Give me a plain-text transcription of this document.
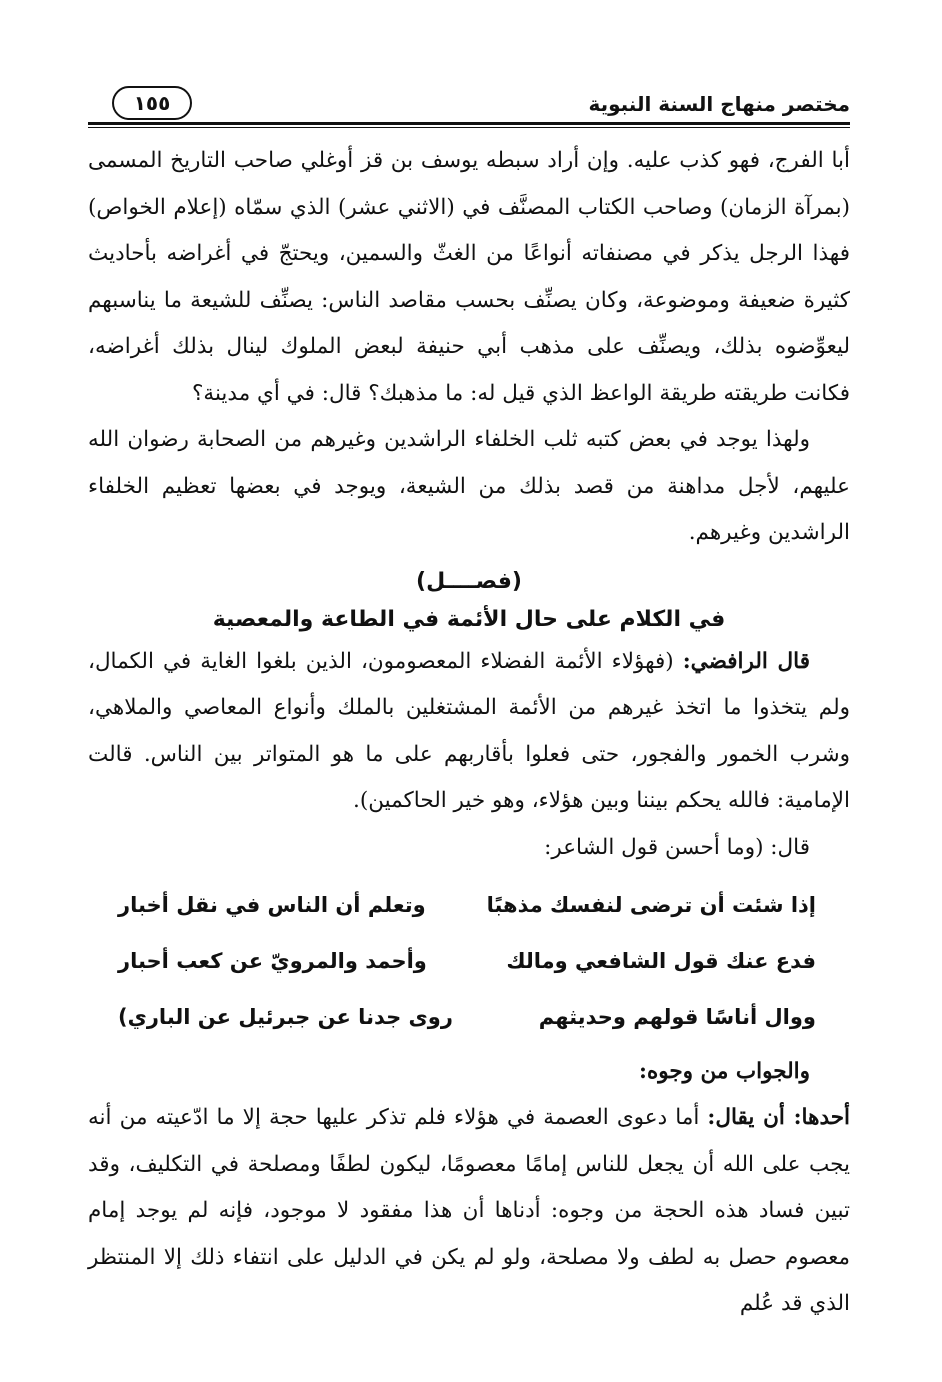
مختصر منهاج السنة النبوية
١٥٥

أبا الفرج، فهو كذب عليه. وإن أراد سبطه يوسف بن قز أوغلي صاحب التاريخ المسمى (بمرآة الزمان) وصاحب الكتاب المصنَّف في (الاثني عشر) الذي سمّاه (إعلام الخواص) فهذا الرجل يذكر في مصنفاته أنواعًا من الغثّ والسمين، ويحتجّ في أغراضه بأحاديث كثيرة ضعيفة وموضوعة، وكان يصنِّف بحسب مقاصد الناس: يصنِّف للشيعة ما يناسبهم ليعوِّضوه بذلك، ويصنِّف على مذهب أبي حنيفة لبعض الملوك لينال بذلك أغراضه، فكانت طريقته طريقة الواعظ الذي قيل له: ما مذهبك؟ قال: في أي مدينة؟

ولهذا يوجد في بعض كتبه ثلب الخلفاء الراشدين وغيرهم من الصحابة رضوان الله عليهم، لأجل مداهنة من قصد بذلك من الشيعة، ويوجد في بعضها تعظيم الخلفاء الراشدين وغيرهم.

(فصــــل)
في الكلام على حال الأئمة في الطاعة والمعصية

قال الرافضي: (فهؤلاء الأئمة الفضلاء المعصومون، الذين بلغوا الغاية في الكمال، ولم يتخذوا ما اتخذ غيرهم من الأئمة المشتغلين بالملك وأنواع المعاصي والملاهي، وشرب الخمور والفجور، حتى فعلوا بأقاربهم على ما هو المتواتر بين الناس. قالت الإمامية: فالله يحكم بيننا وبين هؤلاء، وهو خير الحاكمين).

قال: (وما أحسن قول الشاعر:

إذا شئت أن ترضى لنفسك مذهبًا
وتعلم أن الناس في نقل أخبار
فدع عنك قول الشافعي ومالك
وأحمد والمرويّ عن كعب أحبار
ووال أناسًا قولهم وحديثهم
روى جدنا عن جبرئيل عن الباري)
والجواب من وجوه:

أحدها: أن يقال: أما دعوى العصمة في هؤلاء فلم تذكر عليها حجة إلا ما ادّعيته من أنه يجب على الله أن يجعل للناس إمامًا معصومًا، ليكون لطفًا ومصلحة في التكليف، وقد تبين فساد هذه الحجة من وجوه: أدناها أن هذا مفقود لا موجود، فإنه لم يوجد إمام معصوم حصل به لطف ولا مصلحة، ولو لم يكن في الدليل على انتفاء ذلك إلا المنتظر الذي قد عُلم
